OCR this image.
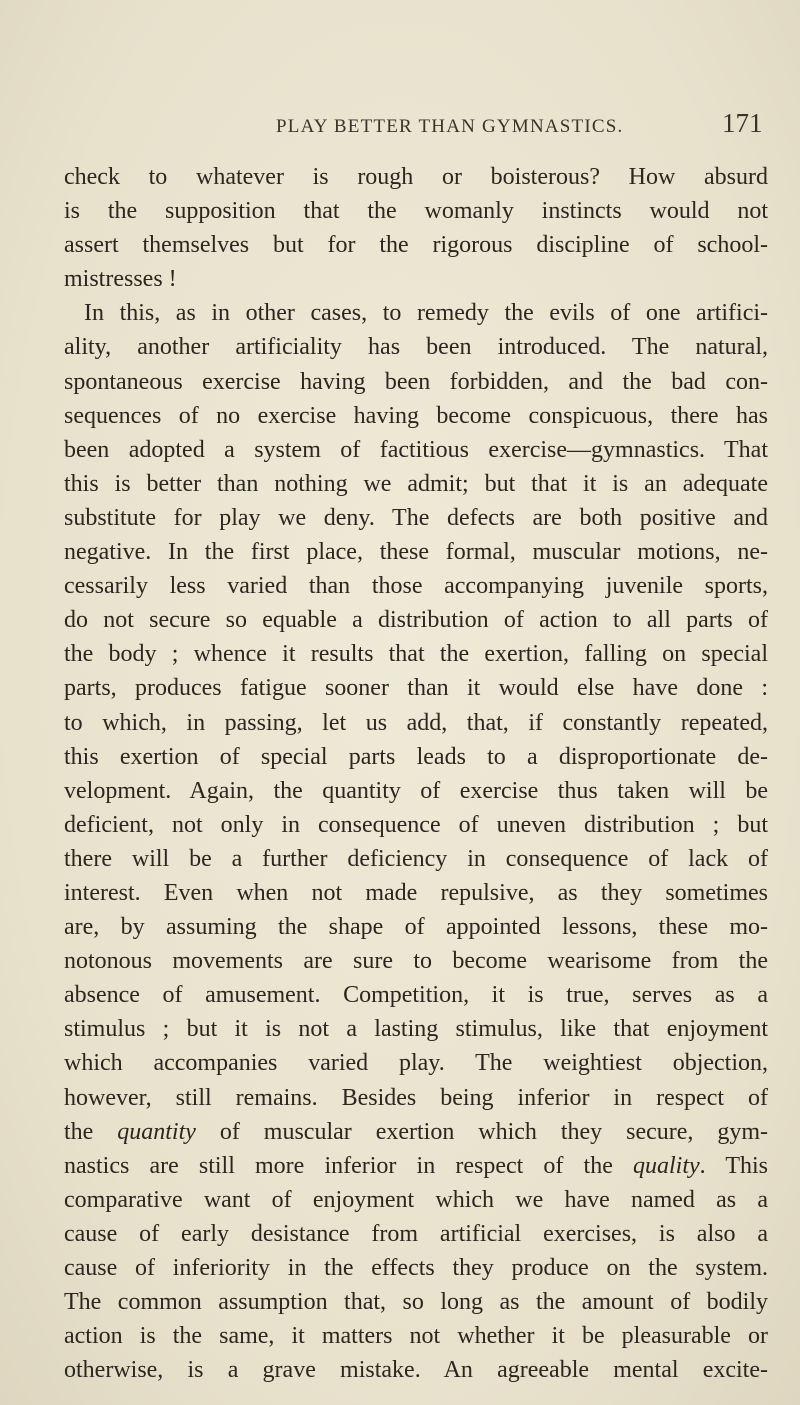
PLAY BETTER THAN GYMNASTICS.	171
check to whatever is rough or boisterous? How absurd
is the supposition that the womanly instincts would not
assert themselves but for the rigorous discipline of school-
mistresses !
In this, as in other cases, to remedy the evils of one artifici-
ality, another artificiality has been introduced. The natural,
spontaneous exercise having been forbidden, and the bad con-
sequences of no exercise having become conspicuous, there has
been adopted a system of factitious exercise—gymnastics. That
this is better than nothing we admit; but that it is an adequate
substitute for play we deny. The defects are both positive and
negative. In the first place, these formal, muscular motions, ne-
cessarily less varied than those accompanying juvenile sports,
do not secure so equable a distribution of action to all parts of
the body ; whence it results that the exertion, falling on special
parts, produces fatigue sooner than it would else have done :
to which, in passing, let us add, that, if constantly repeated,
this exertion of special parts leads to a disproportionate de-
velopment. Again, the quantity of exercise thus taken will be
deficient, not only in consequence of uneven distribution ; but
there will be a further deficiency in consequence of lack of
interest. Even when not made repulsive, as they sometimes
are, by assuming the shape of appointed lessons, these mo-
notonous movements are sure to become wearisome from the
absence of amusement. Competition, it is true, serves as a
stimulus ; but it is not a lasting stimulus, like that enjoyment
which accompanies varied play. The weightiest objection,
however, still remains. Besides being inferior in respect of
the quantity of muscular exertion which they secure, gym-
nastics are still more inferior in respect of the quality. This
comparative want of enjoyment which we have named as a
cause of early desistance from artificial exercises, is also a
cause of inferiority in the effects they produce on the system.
The common assumption that, so long as the amount of bodily
action is the same, it matters not whether it be pleasurable or
otherwise, is a grave mistake. An agreeable mental excite-
